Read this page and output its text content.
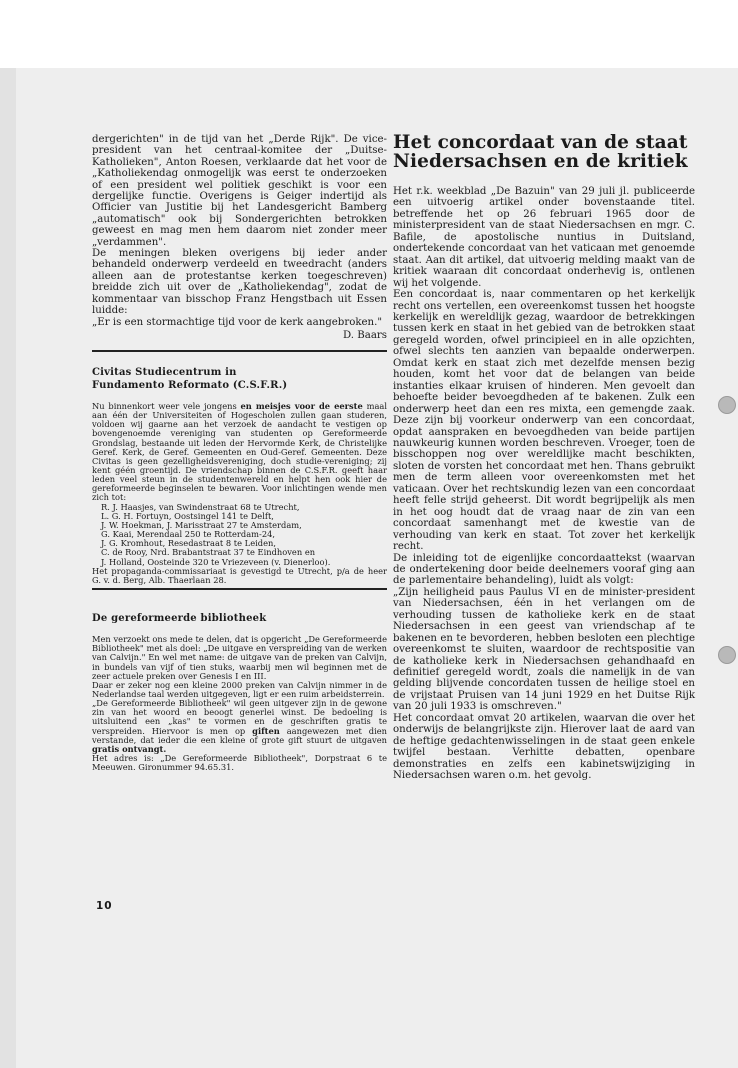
dergerichten" in de tijd van het „Derde Rijk". De vice-president van het centraal-komitee der „Duitse-Katholieken", Anton Roesen, verklaarde dat het voor de „Katholiekendag onmogelijk was eerst te onderzoeken of een president wel politiek geschikt is voor een dergelijke functie. Overigens is Geiger indertijd als Officier van Justitie bij het Landesgericht Bamberg „automatisch" ook bij Sondergerichten betrokken geweest en mag men hem daarom niet zonder meer „verdammen".

De meningen bleken overigens bij ieder ander behandeld onderwerp verdeeld en tweedracht (anders alleen aan de protestantse kerken toegeschreven) breidde zich uit over de „Katholiekendag", zodat de kommentaar van bisschop Franz Hengstbach uit Essen luidde:

„Er is een stormachtige tijd voor de kerk aangebroken."

D. Baars

Civitas Studiecentrum in

Fundamento Reformato (C.S.F.R.)

Nu binnenkort weer vele jongens en meisjes voor de eerste maal aan één der Universiteiten of Hogescholen zullen gaan studeren, voldoen wij gaarne aan het verzoek de aandacht te vestigen op bovengenoemde vereniging van studenten op Gereformeerde Grondslag, bestaande uit leden der Hervormde Kerk, de Christelijke Geref. Kerk, de Geref. Gemeenten en Oud-Geref. Gemeenten. Deze Civitas is geen gezelligheidsvereniging, doch studie-vereniging; zij kent géén groentijd. De vriendschap binnen de C.S.F.R. geeft haar leden veel steun in de studentenwereld en helpt hen ook hier de gereformeerde beginselen te bewaren. Voor inlichtingen wende men zich tot:

R. J. Haasjes, van Swindenstraat 68 te Utrecht,
L. G. H. Fortuyn, Oostsingel 141 te Delft,
J. W. Hoekman, J. Marisstraat 27 te Amsterdam,
G. Kaai, Merendaal 250 te Rotterdam-24,
J. G. Kromhout, Resedastraat 8 te Leiden,
C. de Rooy, Nrd. Brabantstraat 37 te Eindhoven en
J. Holland, Oosteinde 320 te Vriezeveen (v. Dienerloo).

Het propaganda-commissariaat is gevestigd te Utrecht, p/a de heer G. v. d. Berg, Alb. Thaerlaan 28.

De gereformeerde bibliotheek

Men verzoekt ons mede te delen, dat is opgericht „De Gereformeerde Bibliotheek" met als doel: „De uitgave en verspreiding van de werken van Calvijn." En wel met name: de uitgave van de preken van Calvijn, in bundels van vijf of tien stuks, waarbij men wil beginnen met de zeer actuele preken over Genesis I en III.

Daar er zeker nog een kleine 2000 preken van Calvijn nimmer in de Nederlandse taal werden uitgegeven, ligt er een ruim arbeidsterrein.

„De Gereformeerde Bibliotheek" wil geen uitgever zijn in de gewone zin van het woord en beoogt generlei winst. De bedoeling is uitsluitend een „kas" te vormen en de geschriften gratis te verspreiden. Hiervoor is men op giften aangewezen met dien verstande, dat ieder die een kleine of grote gift stuurt de uitgaven gratis ontvangt.

Het adres is: „De Gereformeerde Bibliotheek", Dorpstraat 6 te Meeuwen. Gironummer 94.65.31.

Het concordaat van de staat Niedersachsen en de kritiek

Het r.k. weekblad „De Bazuin" van 29 juli jl. publiceerde een uitvoerig artikel onder bovenstaande titel. betreffende het op 26 februari 1965 door de ministerpresident van de staat Niedersachsen en mgr. C. Bafile, de apostolische nuntius in Duitsland, ondertekende concordaat van het vaticaan met genoemde staat. Aan dit artikel, dat uitvoerig melding maakt van de kritiek waaraan dit concordaat onderhevig is, ontlenen wij het volgende.

Een concordaat is, naar commentaren op het kerkelijk recht ons vertellen, een overeenkomst tussen het hoogste kerkelijk en wereldlijk gezag, waardoor de betrekkingen tussen kerk en staat in het gebied van de betrokken staat geregeld worden, ofwel principieel en in alle opzichten, ofwel slechts ten aanzien van bepaalde onderwerpen. Omdat kerk en staat zich met dezelfde mensen bezig houden, komt het voor dat de belangen van beide instanties elkaar kruisen of hinderen. Men gevoelt dan behoefte beider bevoegdheden af te bakenen. Zulk een onderwerp heet dan een res mixta, een gemengde zaak. Deze zijn bij voorkeur onderwerp van een concordaat, opdat aanspraken en bevoegdheden van beide partijen nauwkeurig kunnen worden beschreven. Vroeger, toen de bisschoppen nog over wereldlijke macht beschikten, sloten de vorsten het concordaat met hen. Thans gebruikt men de term alleen voor overeenkomsten met het vaticaan. Over het rechtskundig lezen van een concordaat heeft felle strijd geheerst. Dit wordt begrijpelijk als men in het oog houdt dat de vraag naar de zin van een concordaat samenhangt met de kwestie van de verhouding van kerk en staat. Tot zover het kerkelijk recht.

De inleiding tot de eigenlijke concordaattekst (waarvan de ondertekening door beide deelnemers vooraf ging aan de parlementaire behandeling), luidt als volgt:

„Zijn heiligheid paus Paulus VI en de minister-president van Niedersachsen, één in het verlangen om de verhouding tussen de katholieke kerk en de staat Niedersachsen in een geest van vriendschap af te bakenen en te bevorderen, hebben besloten een plechtige overeenkomst te sluiten, waardoor de rechtspositie van de katholieke kerk in Niedersachsen gehandhaafd en definitief geregeld wordt, zoals die namelijk in de van gelding blijvende concordaten tussen de heilige stoel en de vrijstaat Pruisen van 14 juni 1929 en het Duitse Rijk van 20 juli 1933 is omschreven."

Het concordaat omvat 20 artikelen, waarvan die over het onderwijs de belangrijkste zijn. Hierover laat de aard van de heftige gedachtenwisselingen in de staat geen enkele twijfel bestaan. Verhitte debatten, openbare demonstraties en zelfs een kabinetswijziging in Niedersachsen waren o.m. het gevolg.

10
